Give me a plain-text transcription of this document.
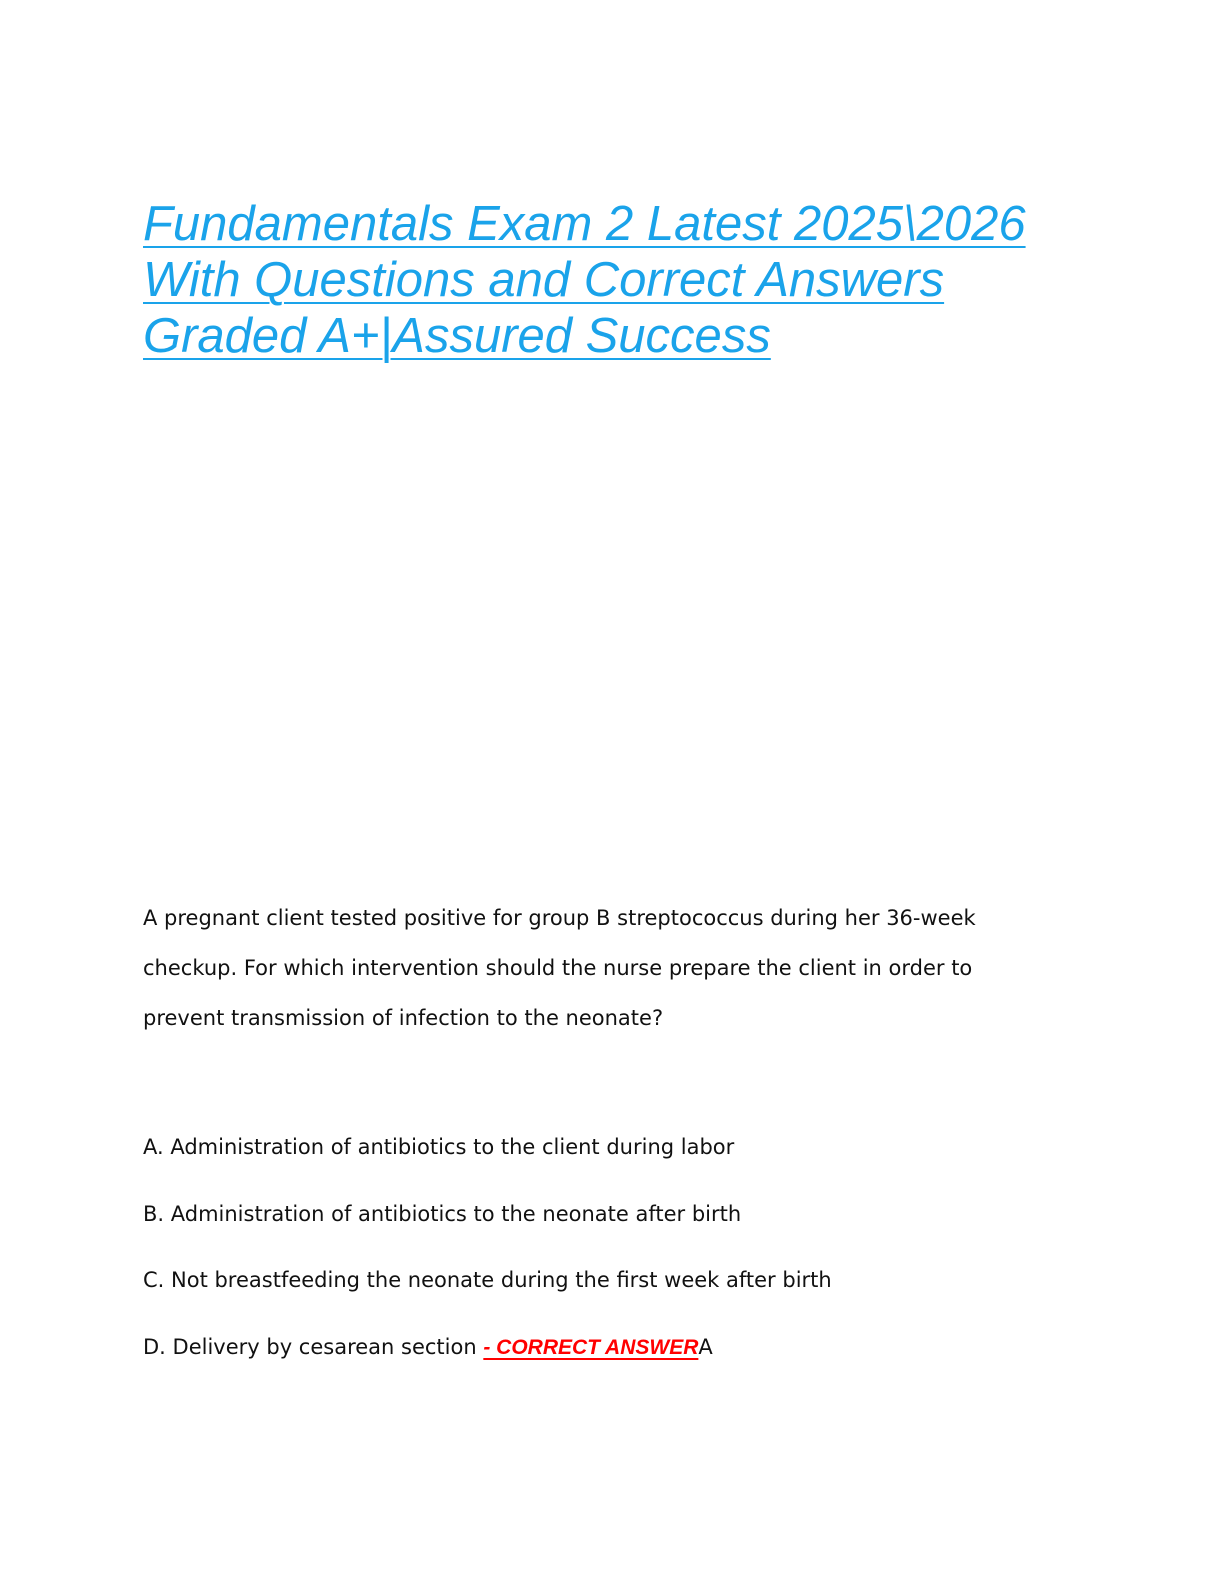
Fundamentals Exam 2 Latest 2025\2026
With Questions and Correct Answers
Graded A+|Assured Success

A pregnant client tested positive for group B streptococcus during her 36-week
checkup. For which intervention should the nurse prepare the client in order to
prevent transmission of infection to the neonate?

A. Administration of antibiotics to the client during labor
B. Administration of antibiotics to the neonate after birth
C. Not breastfeeding the neonate during the first week after birth
D. Delivery by cesarean section - CORRECT ANSWERA
